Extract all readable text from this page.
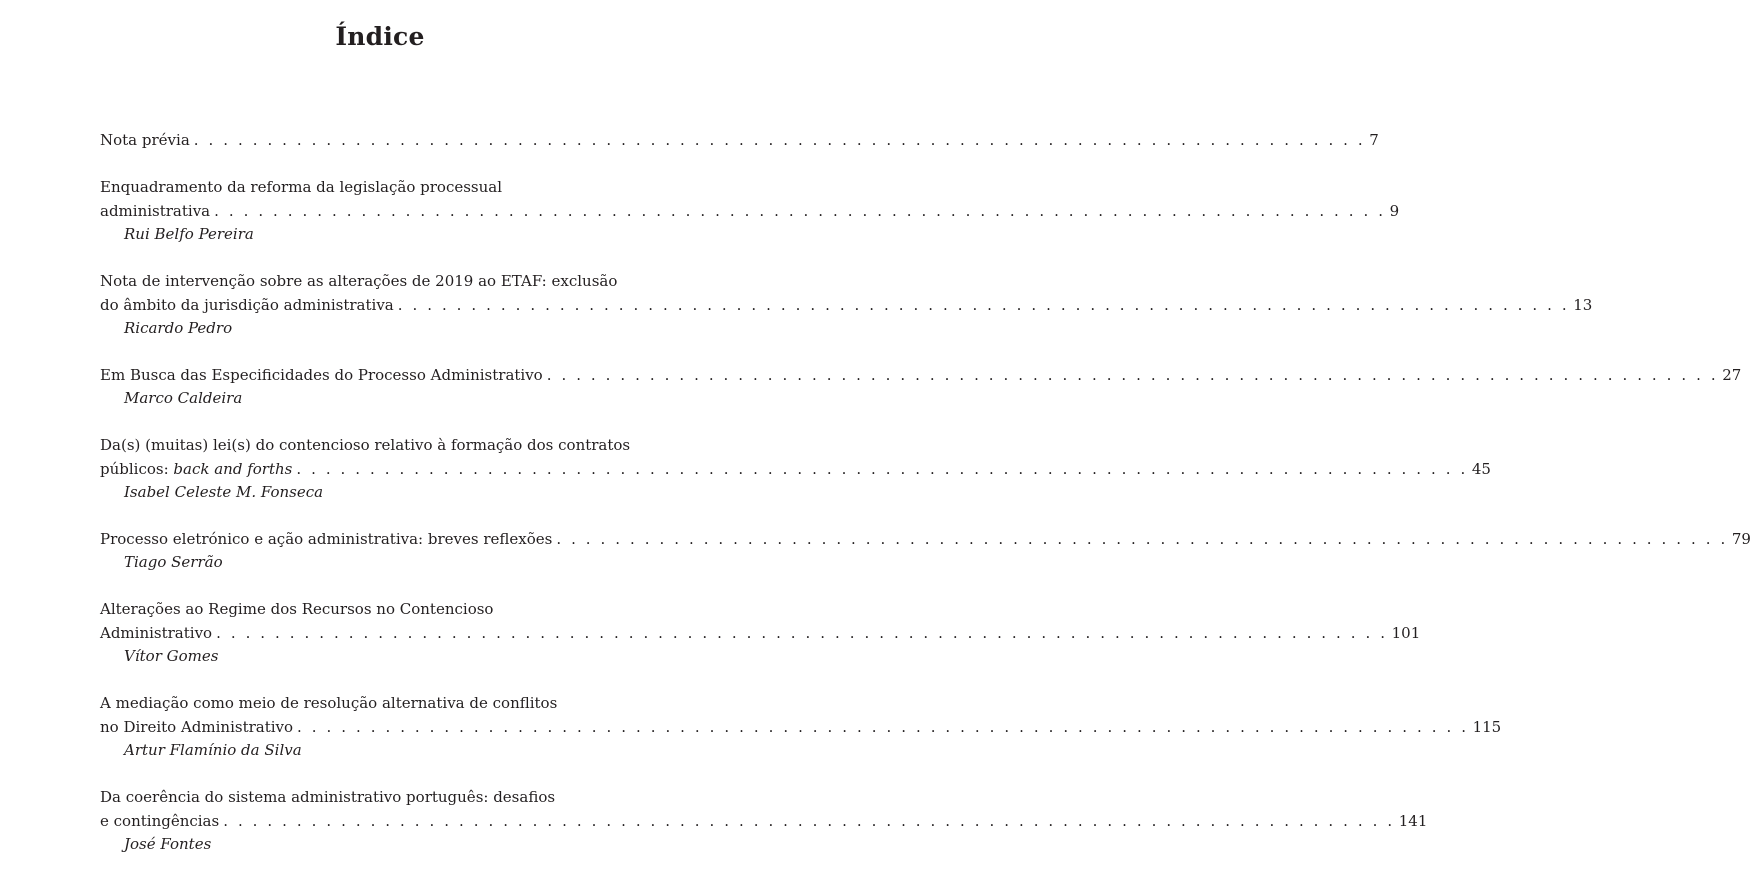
Índice
Nota prévia . . . . . . . . . . . . . . . . . . . . . . . . . . . . . . . . . . . . . . . . . . . . . . . . . . . . . . . . . . . . . . . . . . . . . . . . . . . . . . . . 7
Enquadramento da reforma da legislação processual
administrativa . . . . . . . . . . . . . . . . . . . . . . . . . . . . . . . . . . . . . . . . . . . . . . . . . . . . . . . . . . . . . . . . . . . . . . . . . . . . . . . . 9
Rui Belfo Pereira
Nota de intervenção sobre as alterações de 2019 ao ETAF: exclusão
do âmbito da jurisdição administrativa . . . . . . . . . . . . . . . . . . . . . . . . . . . . . . . . . . . . . . . . . . . . . . . . . . . . . . . . . . . . . . . . . . . . . . . . . . . . . . . . 13
Ricardo Pedro
Em Busca das Especificidades do Processo Administrativo . . . . . . . . . . . . . . . . . . . . . . . . . . . . . . . . . . . . . . . . . . . . . . . . . . . . . . . . . . . . . . . . . . . . . . . . . . . . . . . . 27
Marco Caldeira
Da(s) (muitas) lei(s) do contencioso relativo à formação dos contratos
públicos: back and forths . . . . . . . . . . . . . . . . . . . . . . . . . . . . . . . . . . . . . . . . . . . . . . . . . . . . . . . . . . . . . . . . . . . . . . . . . . . . . . . . 45
Isabel Celeste M. Fonseca
Processo eletrónico e ação administrativa: breves reflexões . . . . . . . . . . . . . . . . . . . . . . . . . . . . . . . . . . . . . . . . . . . . . . . . . . . . . . . . . . . . . . . . . . . . . . . . . . . . . . . . 79
Tiago Serrão
Alterações ao Regime dos Recursos no Contencioso
Administrativo . . . . . . . . . . . . . . . . . . . . . . . . . . . . . . . . . . . . . . . . . . . . . . . . . . . . . . . . . . . . . . . . . . . . . . . . . . . . . . . . 101
Vítor Gomes
A mediação como meio de resolução alternativa de conflitos
no Direito Administrativo . . . . . . . . . . . . . . . . . . . . . . . . . . . . . . . . . . . . . . . . . . . . . . . . . . . . . . . . . . . . . . . . . . . . . . . . . . . . . . . . 115
Artur Flamínio da Silva
Da coerência do sistema administrativo português: desafios
e contingências . . . . . . . . . . . . . . . . . . . . . . . . . . . . . . . . . . . . . . . . . . . . . . . . . . . . . . . . . . . . . . . . . . . . . . . . . . . . . . . . 141
José Fontes
